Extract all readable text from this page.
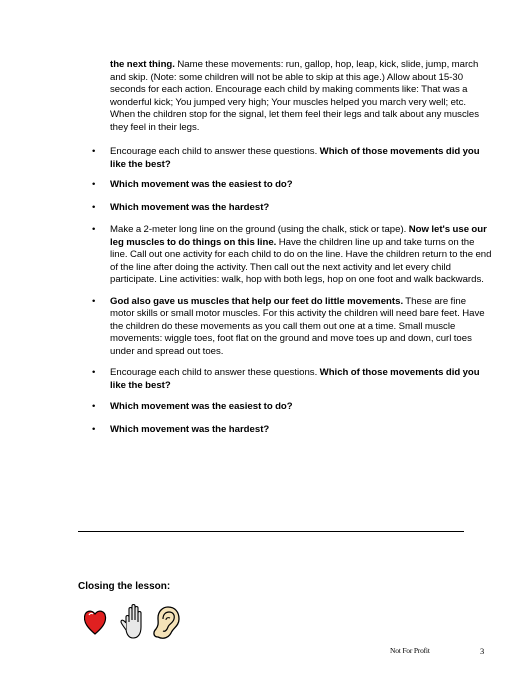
the next thing. Name these movements: run, gallop, hop, leap, kick, slide, jump, march and skip. (Note: some children will not be able to skip at this age.) Allow about 15-30 seconds for each action. Encourage each child by making comments like: That was a wonderful kick; You jumped very high; Your muscles helped you march very well; etc. When the children stop for the signal, let them feel their legs and talk about any muscles they feel in their legs.
• Encourage each child to answer these questions. Which of those movements did you like the best?
• Which movement was the easiest to do?
• Which movement was the hardest?
• Make a 2-meter long line on the ground (using the chalk, stick or tape). Now let's use our leg muscles to do things on this line. Have the children line up and take turns on the line. Call out one activity for each child to do on the line. Have the children return to the end of the line after doing the activity. Then call out the next activity and let every child participate. Line activities: walk, hop with both legs, hop on one foot and walk backwards.
• God also gave us muscles that help our feet do little movements. These are fine motor skills or small motor muscles. For this activity the children will need bare feet. Have the children do these movements as you call them out one at a time. Small muscle movements: wiggle toes, foot flat on the ground and move toes up and down, curl toes under and spread out toes.
• Encourage each child to answer these questions. Which of those movements did you like the best?
• Which movement was the easiest to do?
• Which movement was the hardest?
Closing the lesson:
Not For Profit	3
